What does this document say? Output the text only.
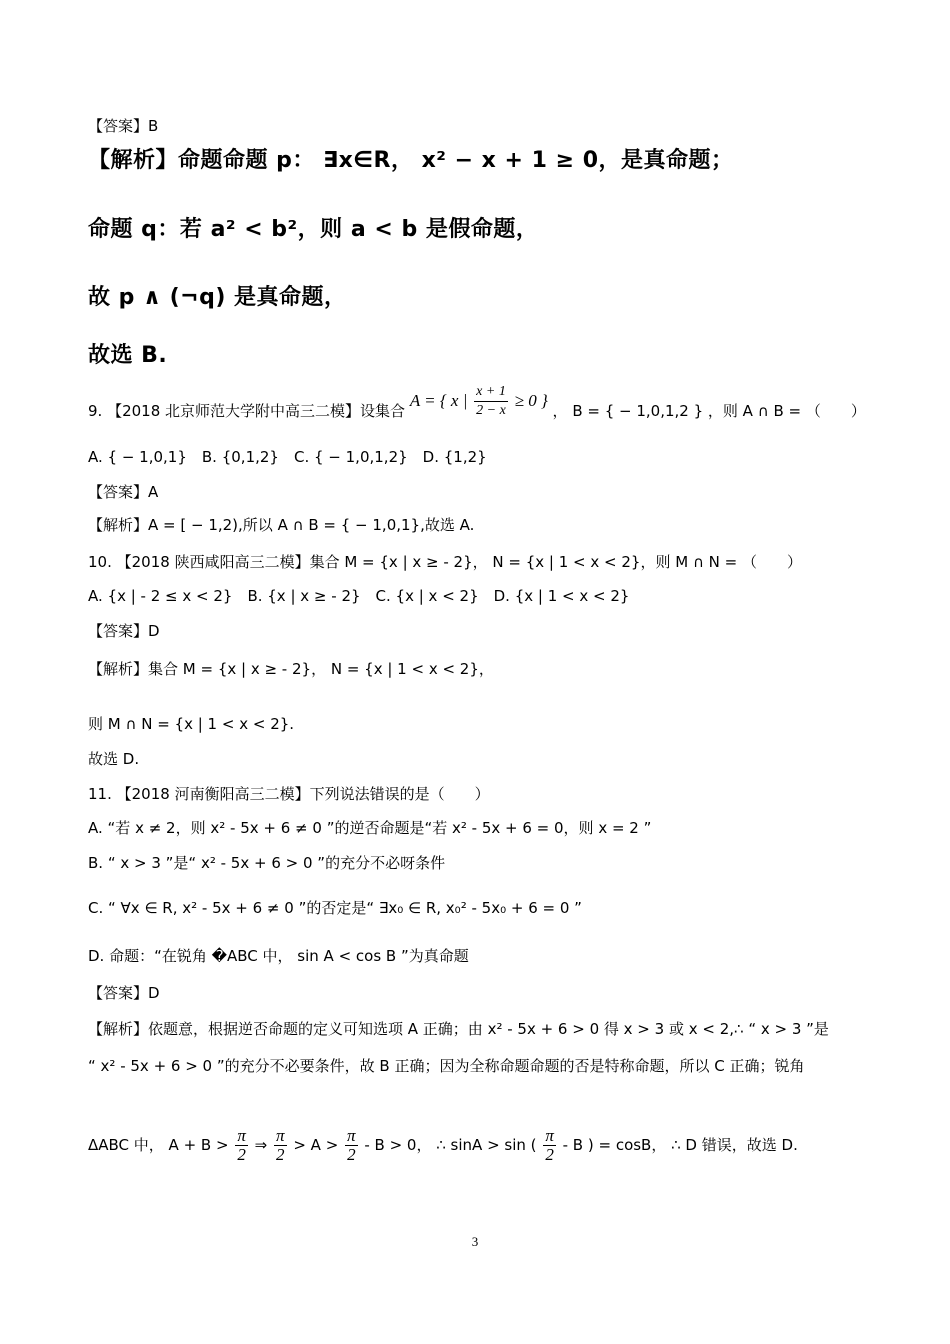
【答案】B
【解析】命题命题 p： ∃x∈R， x² − x + 1 ≥ 0，是真命题；
命题 q：若 a² < b²，则 a < b 是假命题，
故 p ∧ (¬q) 是真命题，
故选 B.
9. 【2018 北京师范大学附中高三二模】设集合 A = { x | $\frac{x + 1}{2 - x} \ge 0$ } ， B = { − 1,0,1,2 } ，则 A ∩ B = （　　）
A. { − 1,0,1}　B. {0,1,2}　C. { − 1,0,1,2}　D. {1,2}
【答案】A
【解析】A = [ − 1,2),所以 A ∩ B = { − 1,0,1},故选 A.
10. 【2018 陕西咸阳高三二模】集合 M = {x | x ≥ - 2}， N = {x | 1 < x < 2}，则 M ∩ N = （　　）
A. {x | - 2 ≤ x < 2}　B. {x | x ≥ - 2}　C. {x | x < 2}　D. {x | 1 < x < 2}
【答案】D
【解析】集合 M = {x | x ≥ - 2}， N = {x | 1 < x < 2}，
则 M ∩ N = {x | 1 < x < 2}.
故选 D.
11. 【2018 河南衡阳高三二模】下列说法错误的是（　　）
A. “若 x ≠ 2，则 x² - 5x + 6 ≠ 0 ”的逆否命题是“若 x² - 5x + 6 = 0，则 x = 2 ”
B. “ x > 3 ”是“ x² - 5x + 6 > 0 ”的充分不必呀条件
C. “ ∀x ∈ R, x² - 5x + 6 ≠ 0 ”的否定是“ ∃x₀ ∈ R, x₀² - 5x₀ + 6 = 0 ”
D. 命题：“在锐角 �ABC 中， sin A < cos B ”为真命题
【答案】D
【解析】依题意，根据逆否命题的定义可知选项 A 正确；由 x² - 5x + 6 > 0 得 x > 3 或 x < 2,∴ “ x > 3 ”是
“ x² - 5x + 6 > 0 ”的充分不必要条件，故 B 正确；因为全称命题命题的否是特称命题，所以 C 正确；锐角
ΔABC 中， $A + B > \frac{\pi}{2}$ ⇒ $\frac{\pi}{2} > A > \frac{\pi}{2} - B > 0$， ∴ sinA > sin ( $\frac{\pi}{2}$ - B ) = cosB， ∴ D 错误，故选 D.
3
